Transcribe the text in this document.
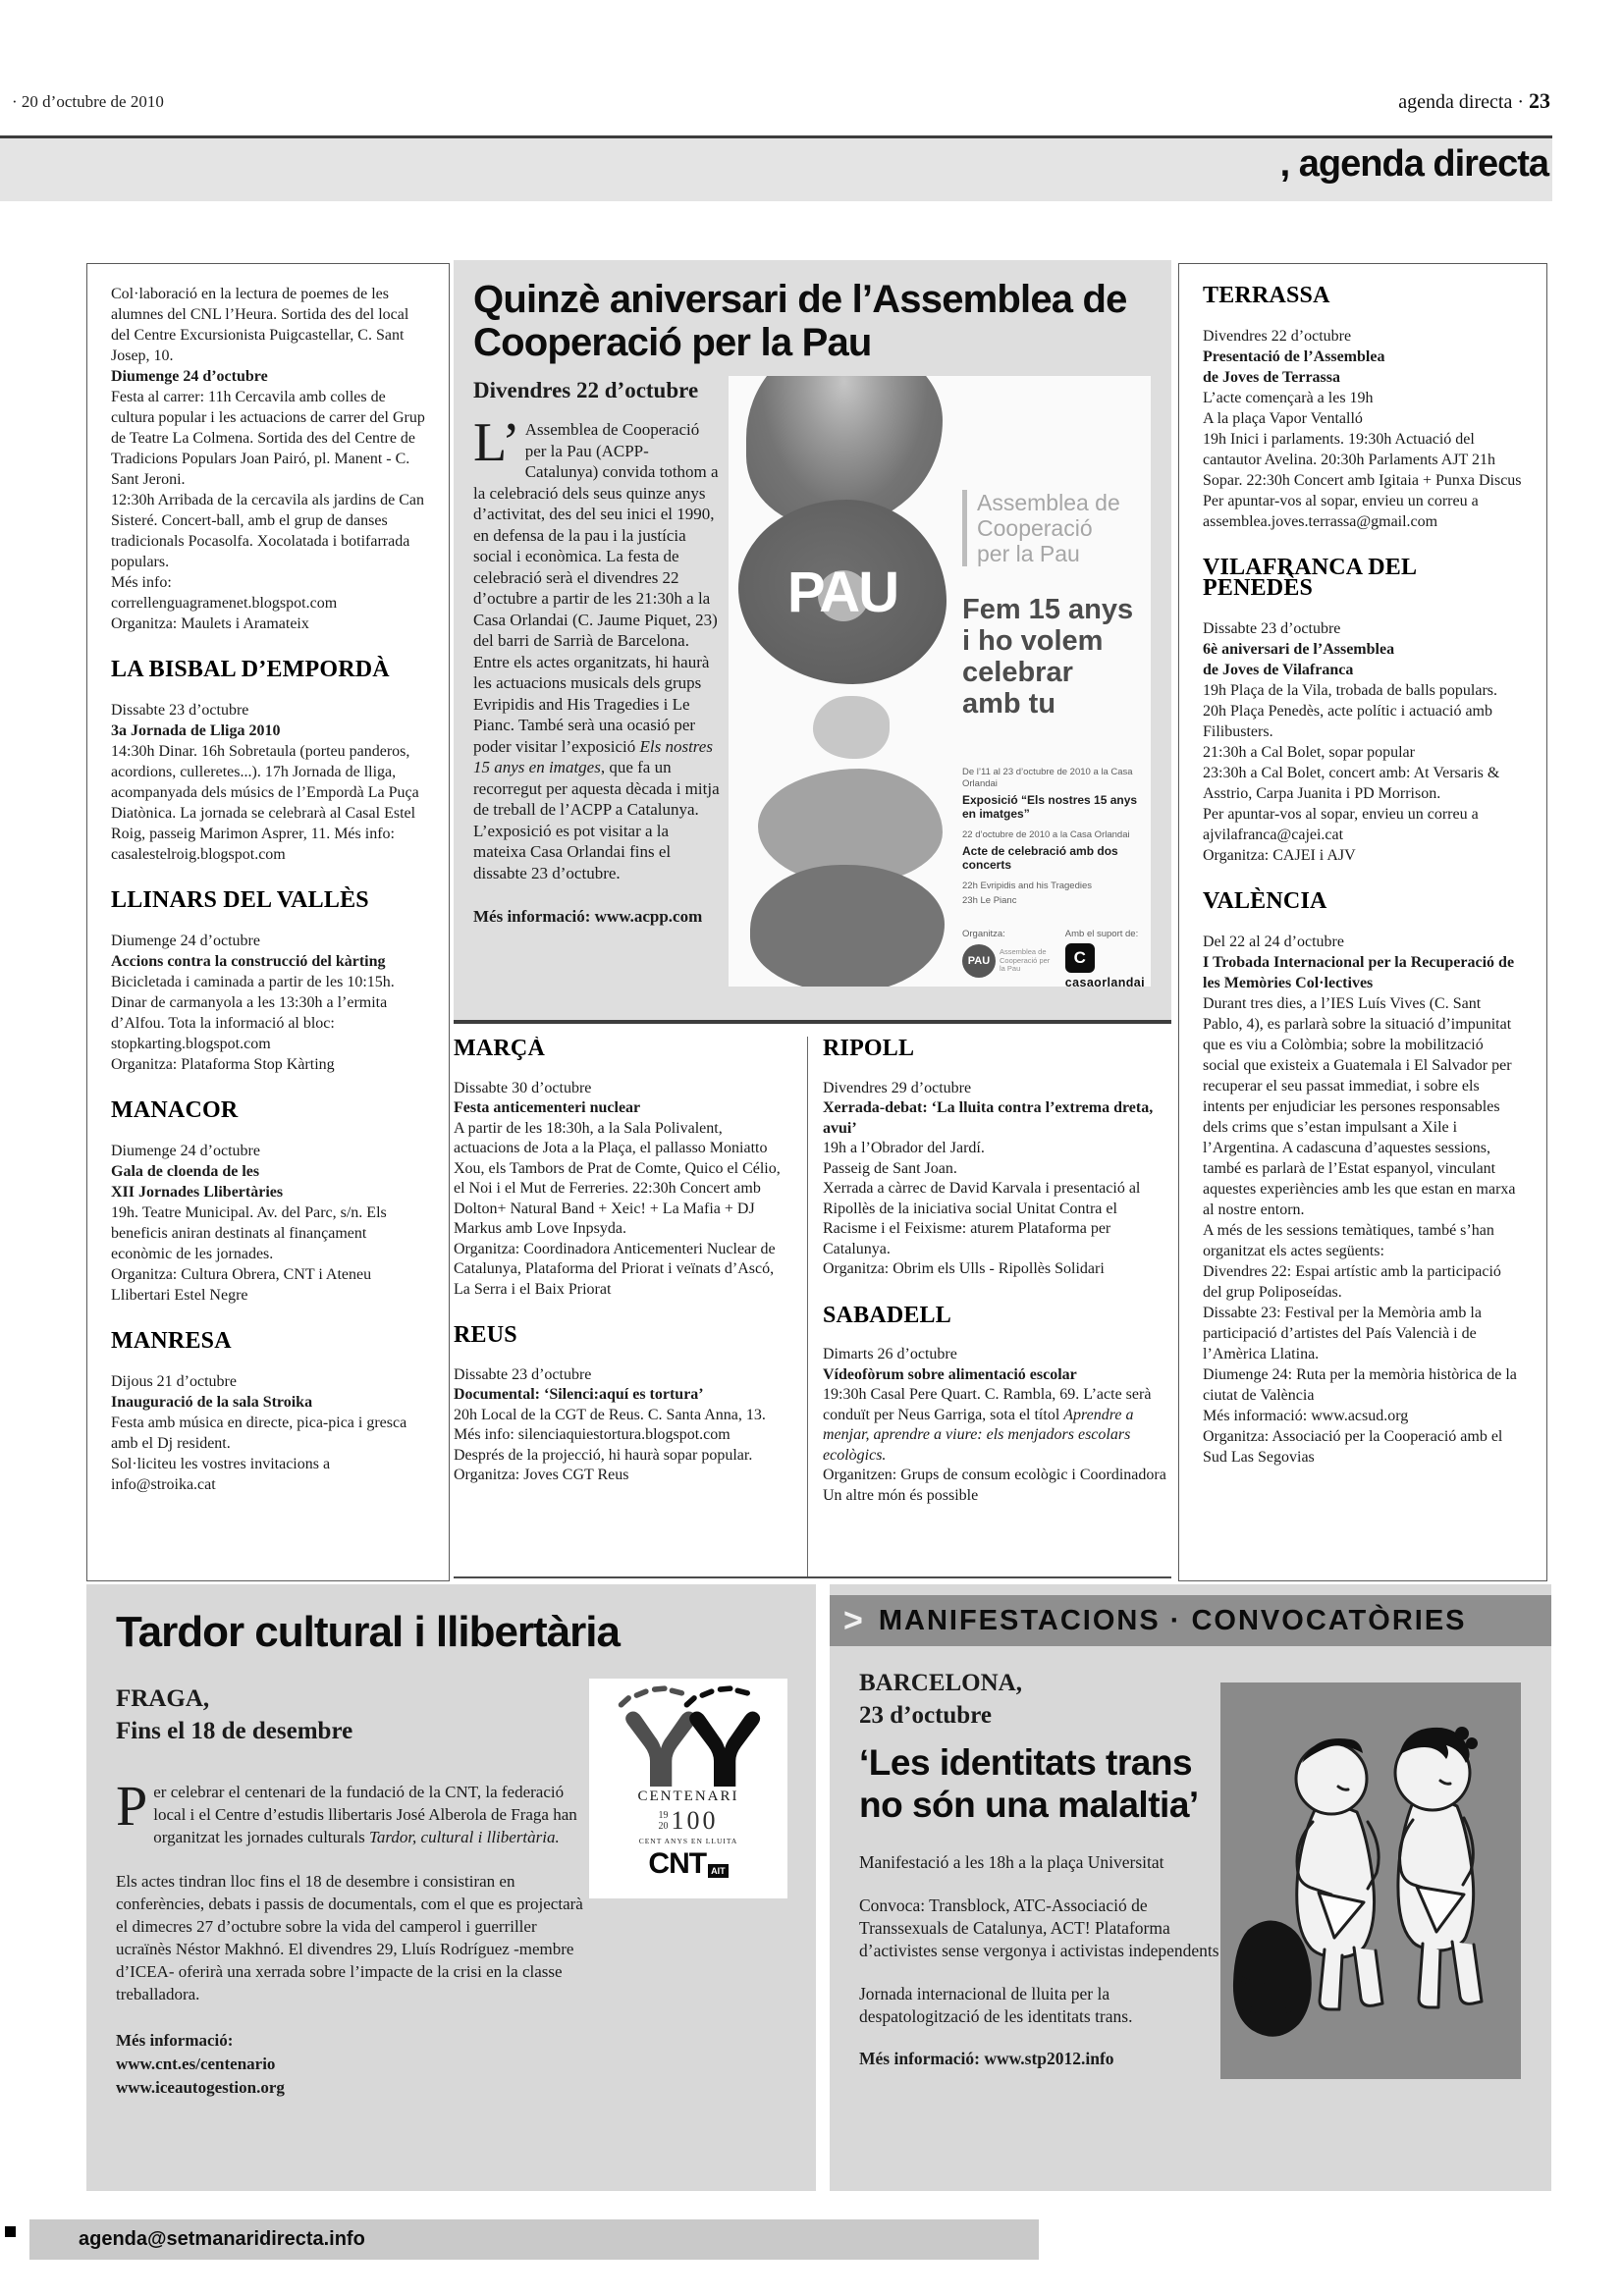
· 20 d’octubre de 2010	agenda directa · 23
, agenda directa

Col·laboració en la lectura de poemes de les alumnes del CNL l’Heura. Sortida des del local del Centre Excursionista Puigcastellar, C. Sant Josep, 10.

Diumenge 24 d’octubre

Festa al carrer: 11h Cercavila amb colles de cultura popular i les actuacions de carrer del Grup de Teatre La Colmena. Sortida des del Centre de Tradicions Populars Joan Pairó, pl. Manent - C. Sant Jeroni.

12:30h Arribada de la cercavila als jardins de Can Sisteré. Concert-ball, amb el grup de danses tradicionals Pocasolfa. Xocolatada i botifarrada populars.

Més info:

correllenguagramenet.blogspot.com

Organitza: Maulets i Aramateix

LA BISBAL D’EMPORDÀ

Dissabte 23 d’octubre

3a Jornada de Lliga 2010

14:30h Dinar. 16h Sobretaula (porteu panderos, acordions, culleretes...). 17h Jornada de lliga, acompanyada dels músics de l’Empordà La Puça Diatònica. La jornada se celebrarà al Casal Estel Roig, passeig Marimon Asprer, 11. Més info: casalestelroig.blogspot.com

LLINARS DEL VALLÈS

Diumenge 24 d’octubre

Accions contra la construcció del kàrting

Bicicletada i caminada a partir de les 10:15h. Dinar de carmanyola a les 13:30h a l’ermita d’Alfou. Tota la informació al bloc: stopkarting.blogspot.com

Organitza: Plataforma Stop Kàrting

MANACOR

Diumenge 24 d’octubre

Gala de cloenda de les

XII Jornades Llibertàries

19h. Teatre Municipal. Av. del Parc, s/n. Els beneficis aniran destinats al finançament econòmic de les jornades.

Organitza: Cultura Obrera, CNT i Ateneu Llibertari Estel Negre

MANRESA

Dijous 21 d’octubre

Inauguració de la sala Stroika

Festa amb música en directe, pica-pica i gresca amb el Dj resident.

Sol·liciteu les vostres invitacions a info@stroika.cat

Quinzè aniversari de l’Assemblea de Cooperació per la Pau
Divendres 22 d’octubre

L’ Assemblea de Cooperació per la Pau (ACPP-Catalunya) convida tothom a la celebració dels seus quinze anys d’activitat, des del seu inici el 1990, en defensa de la pau i la justícia social i econòmica. La festa de celebració serà el divendres 22 d’octubre a partir de les 21:30h a la Casa Orlandai (C. Jaume Piquet, 23) del barri de Sarrià de Barcelona. Entre els actes organitzats, hi haurà les actuacions musicals dels grups Evripidis and His Tragedies i Le Pianc. També serà una ocasió per poder visitar l’exposició Els nostres 15 anys en imatges, que fa un recorregut per aquesta dècada i mitja de treball de l’ACPP a Catalunya. L’exposició es pot visitar a la mateixa Casa Orlandai fins el dissabte 23 d’octubre.

Més informació: www.acpp.com

PAU
Assemblea de
Cooperació
per la Pau
Fem 15 anys
i ho volem
celebrar
amb tu
De l’11 al 23 d’octubre de 2010 a la Casa Orlandai
Exposició “Els nostres 15 anys en imatges”
22 d’octubre de 2010 a la Casa Orlandai
Acte de celebració amb dos concerts
22h Evripidis and his Tragedies
23h Le Pianc
Organitza:
PAU
Assemblea de Cooperació per la Pau
Amb el suport de:
C
casaorlandai
MARÇÀ

Dissabte 30 d’octubre

Festa anticementeri nuclear

A partir de les 18:30h, a la Sala Polivalent, actuacions de Jota a la Plaça, el pallasso Moniatto Xou, els Tambors de Prat de Comte, Quico el Célio, el Noi i el Mut de Ferreries. 22:30h Concert amb Dolton+ Natural Band + Xeic! + La Mafia + DJ Markus amb Love Inpsyda.

Organitza: Coordinadora Anticementeri Nuclear de Catalunya, Plataforma del Priorat i veïnats d’Ascó, La Serra i el Baix Priorat

REUS

Dissabte 23 d’octubre

Documental: ‘Silenci:aquí es tortura’

20h Local de la CGT de Reus. C. Santa Anna, 13.

Més info: silenciaquiestortura.blogspot.com

Després de la projecció, hi haurà sopar popular.

Organitza: Joves CGT Reus

RIPOLL

Divendres 29 d’octubre

Xerrada-debat: ‘La lluita contra l’extrema dreta, avui’

19h a l’Obrador del Jardí.

Passeig de Sant Joan.

Xerrada a càrrec de David Karvala i presentació al Ripollès de la iniciativa social Unitat Contra el Racisme i el Feixisme: aturem Plataforma per Catalunya.

Organitza: Obrim els Ulls - Ripollès Solidari

SABADELL

Dimarts 26 d’octubre

Vídeofòrum sobre alimentació escolar

19:30h Casal Pere Quart. C. Rambla, 69. L’acte serà conduït per Neus Garriga, sota el títol Aprendre a menjar, aprendre a viure: els menjadors escolars ecològics.

Organitzen: Grups de consum ecològic i Coordinadora Un altre món és possible

TERRASSA

Divendres 22 d’octubre

Presentació de l’Assemblea

de Joves de Terrassa

L’acte començarà a les 19h

A la plaça Vapor Ventalló

19h Inici i parlaments. 19:30h Actuació del cantautor Avelina. 20:30h Parlaments AJT 21h Sopar. 22:30h Concert amb Igitaia + Punxa Discus

Per apuntar-vos al sopar, envieu un correu a assemblea.joves.terrassa@gmail.com

VILAFRANCA DEL PENEDÈS

Dissabte 23 d’octubre

6è aniversari de l’Assemblea

de Joves de Vilafranca

19h Plaça de la Vila, trobada de balls populars.

20h Plaça Penedès, acte polític i actuació amb Filibusters.

21:30h a Cal Bolet, sopar popular

23:30h a Cal Bolet, concert amb: At Versaris & Asstrio, Carpa Juanita i PD Morrison.

Per apuntar-vos al sopar, envieu un correu a ajvilafranca@cajei.cat

Organitza: CAJEI i AJV

VALÈNCIA

Del 22 al 24 d’octubre

I Trobada Internacional per la Recuperació de les Memòries Col·lectives

Durant tres dies, a l’IES Luís Vives (C. Sant Pablo, 4), es parlarà sobre la situació d’impunitat que es viu a Colòmbia; sobre la mobilització social que existeix a Guatemala i El Salvador per recuperar el seu passat immediat, i sobre els intents per enjudiciar les persones responsables dels crims que s’estan impulsant a Xile i l’Argentina. A cadascuna d’aquestes sessions, també es parlarà de l’Estat espanyol, vinculant aquestes experiències amb les que estan en marxa al nostre entorn.

A més de les sessions temàtiques, també s’han organitzat els actes següents:

Divendres 22: Espai artístic amb la participació del grup Poliposeídas.

Dissabte 23: Festival per la Memòria amb la participació d’artistes del País Valencià i de l’Amèrica Llatina.

Diumenge 24: Ruta per la memòria històrica de la ciutat de València

Més informació: www.acsud.org

Organitza: Associació per la Cooperació amb el Sud Las Segovias

Tardor cultural i llibertària
FRAGA,
Fins el 18 de desembre

Per celebrar el centenari de la fundació de la CNT, la federació local i el Centre d’estudis llibertaris José Alberola de Fraga han organitzat les jornades culturals Tardor, cultural i llibertària.

Els actes tindran lloc fins el 18 de desembre i consistiran en conferències, debats i passis de documentals, com el que es projectarà el dimecres 27 d’octubre sobre la vida del camperol i guerriller ucraïnès Néstor Makhnó. El divendres 29, Lluís Rodríguez -membre d’ICEA- oferirà una xerrada sobre l’impacte de la crisi en la classe treballadora.

Més informació:
www.cnt.es/centenario
www.iceautogestion.org
CENTENARI
19
20 100
CENT ANYS EN LLUITA
CNT AIT
> MANIFESTACIONS · CONVOCATÒRIES
BARCELONA,
23 d’octubre
‘Les identitats trans
no són una malaltia’

Manifestació a les 18h a la plaça Universitat

Convoca: Transblock, ATC-Associació de Transsexuals de Catalunya, ACT! Plataforma d’activistes sense vergonya i activistas independents

Jornada internacional de lluita per la despatologització de les identitats trans.

Més informació: www.stp2012.info

agenda@setmanaridirecta.info
